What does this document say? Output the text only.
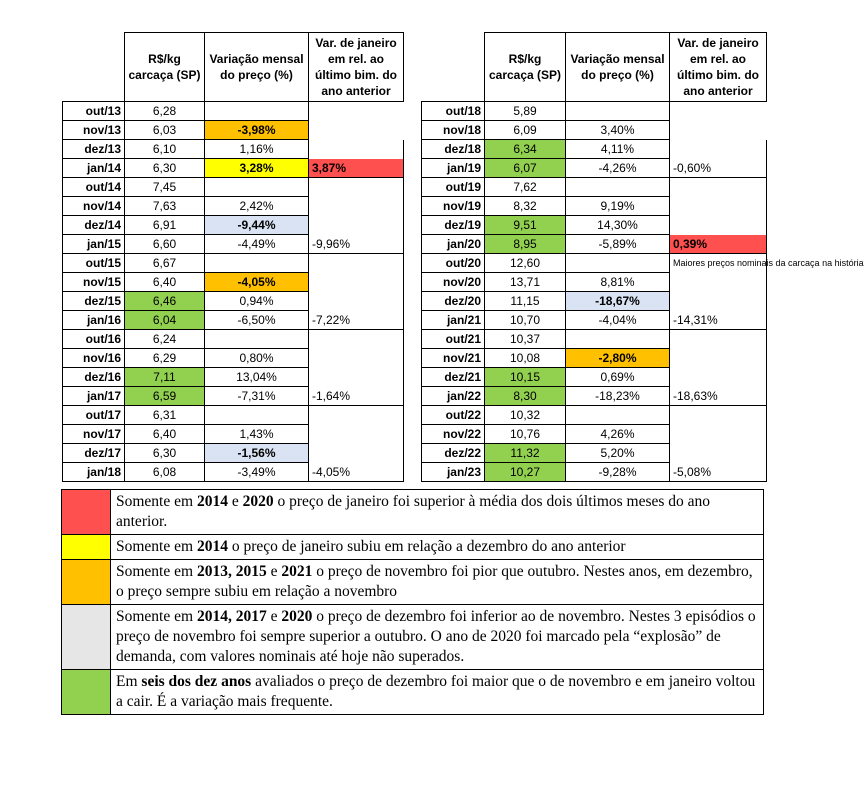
	R$/kg carcaça (SP)	Variação mensal do preço (%)	Var. de janeiro em rel. ao último bim. do ano anterior
out/13	6,28		
nov/13	6,03	-3,98%	
dez/13	6,10	1,16%	
jan/14	6,30	3,28%	3,87%
out/14	7,45		
nov/14	7,63	2,42%	
dez/14	6,91	-9,44%	
jan/15	6,60	-4,49%	-9,96%
out/15	6,67		
nov/15	6,40	-4,05%	
dez/15	6,46	0,94%	
jan/16	6,04	-6,50%	-7,22%
out/16	6,24		
nov/16	6,29	0,80%	
dez/16	7,11	13,04%	
jan/17	6,59	-7,31%	-1,64%
out/17	6,31		
nov/17	6,40	1,43%	
dez/17	6,30	-1,56%	
jan/18	6,08	-3,49%	-4,05%
	R$/kg carcaça (SP)	Variação mensal do preço (%)	Var. de janeiro em rel. ao último bim. do ano anterior
out/18	5,89		
nov/18	6,09	3,40%	
dez/18	6,34	4,11%	
jan/19	6,07	-4,26%	-0,60%
out/19	7,62		
nov/19	8,32	9,19%	
dez/19	9,51	14,30%	
jan/20	8,95	-5,89%	0,39%
out/20	12,60		Maiores preços nominais da carcaça na história
nov/20	13,71	8,81%	
dez/20	11,15	-18,67%	
jan/21	10,70	-4,04%	-14,31%
out/21	10,37		
nov/21	10,08	-2,80%	
dez/21	10,15	0,69%	
jan/22	8,30	-18,23%	-18,63%
out/22	10,32		
nov/22	10,76	4,26%	
dez/22	11,32	5,20%	
jan/23	10,27	-9,28%	-5,08%
	Somente em 2014 e 2020 o preço de janeiro foi superior à média dos dois últimos meses do ano anterior.
	Somente em 2014 o preço de janeiro subiu em relação a dezembro do ano anterior
	Somente em 2013, 2015 e 2021 o preço de novembro foi pior que outubro. Nestes anos, em dezembro, o preço sempre subiu em relação a novembro
	Somente em 2014, 2017 e 2020 o preço de dezembro foi inferior ao de novembro. Nestes 3 episódios o preço de novembro foi sempre superior a outubro. O ano de 2020 foi marcado pela “explosão” de demanda, com valores nominais até hoje não superados.
	Em seis dos dez anos avaliados o preço de dezembro foi maior que o de novembro e em janeiro voltou a cair. É a variação mais frequente.
